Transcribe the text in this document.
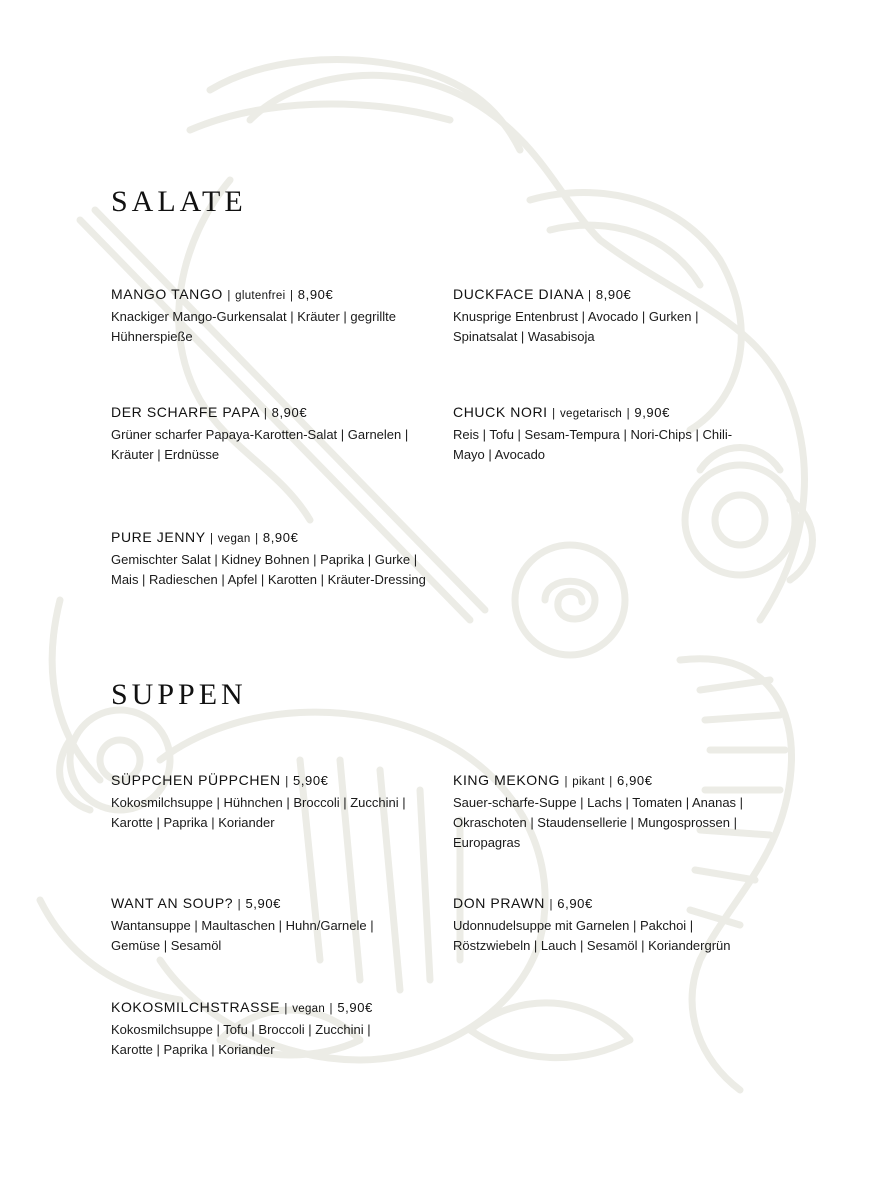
SALATE
MANGO TANGO | glutenfrei | 8,90€
Knackiger Mango-Gurkensalat | Kräuter | gegrillte Hühnerspieße
DUCKFACE DIANA | 8,90€
Knusprige Entenbrust | Avocado | Gurken | Spinatsalat | Wasabisoja
DER SCHARFE PAPA | 8,90€
Grüner scharfer Papaya-Karotten-Salat | Garnelen | Kräuter | Erdnüsse
CHUCK NORI | vegetarisch | 9,90€
Reis | Tofu | Sesam-Tempura | Nori-Chips | Chili-Mayo | Avocado
PURE JENNY | vegan | 8,90€
Gemischter Salat | Kidney Bohnen | Paprika | Gurke | Mais | Radieschen | Apfel | Karotten | Kräuter-Dressing
SUPPEN
SÜPPCHEN PÜPPCHEN | 5,90€
Kokosmilchsuppe | Hühnchen | Broccoli | Zucchini | Karotte | Paprika | Koriander
KING MEKONG | pikant | 6,90€
Sauer-scharfe-Suppe | Lachs | Tomaten | Ananas | Okraschoten | Staudensellerie | Mungosprossen | Europagras
WANT AN SOUP? | 5,90€
Wantansuppe | Maultaschen | Huhn/Garnele | Gemüse | Sesamöl
DON PRAWN | 6,90€
Udonnudelsuppe mit Garnelen | Pakchoi | Röstzwiebeln | Lauch | Sesamöl | Koriandergrün
KOKOSMILCHSTRASSE | vegan | 5,90€
Kokosmilchsuppe | Tofu | Broccoli | Zucchini | Karotte | Paprika | Koriander
